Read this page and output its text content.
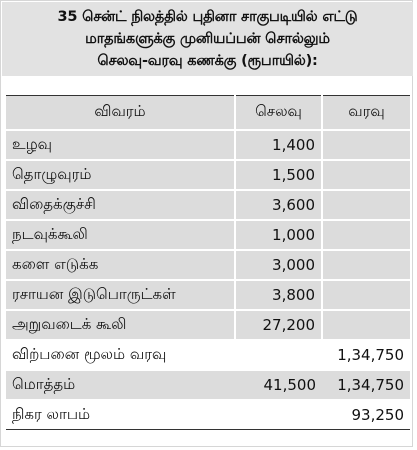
35 சென்ட் நிலத்தில் புதினா சாகுபடியில் எட்டு
மாதங்களுக்கு முனியப்பன் சொல்லும்
செலவு-வரவு கணக்கு (ரூபாயில்):
விவரம்	செலவு	வரவு
உழவு	1,400	
தொழுவுரம்	1,500	
விதைக்குச்சி	3,600	
நடவுக்கூலி	1,000	
களை எடுக்க	3,000	
ரசாயன இடுபொருட்கள்	3,800	
அறுவடைக் கூலி	27,200	
விற்பனை மூலம் வரவு		1,34,750
மொத்தம்	41,500	1,34,750
நிகர லாபம்		93,250
